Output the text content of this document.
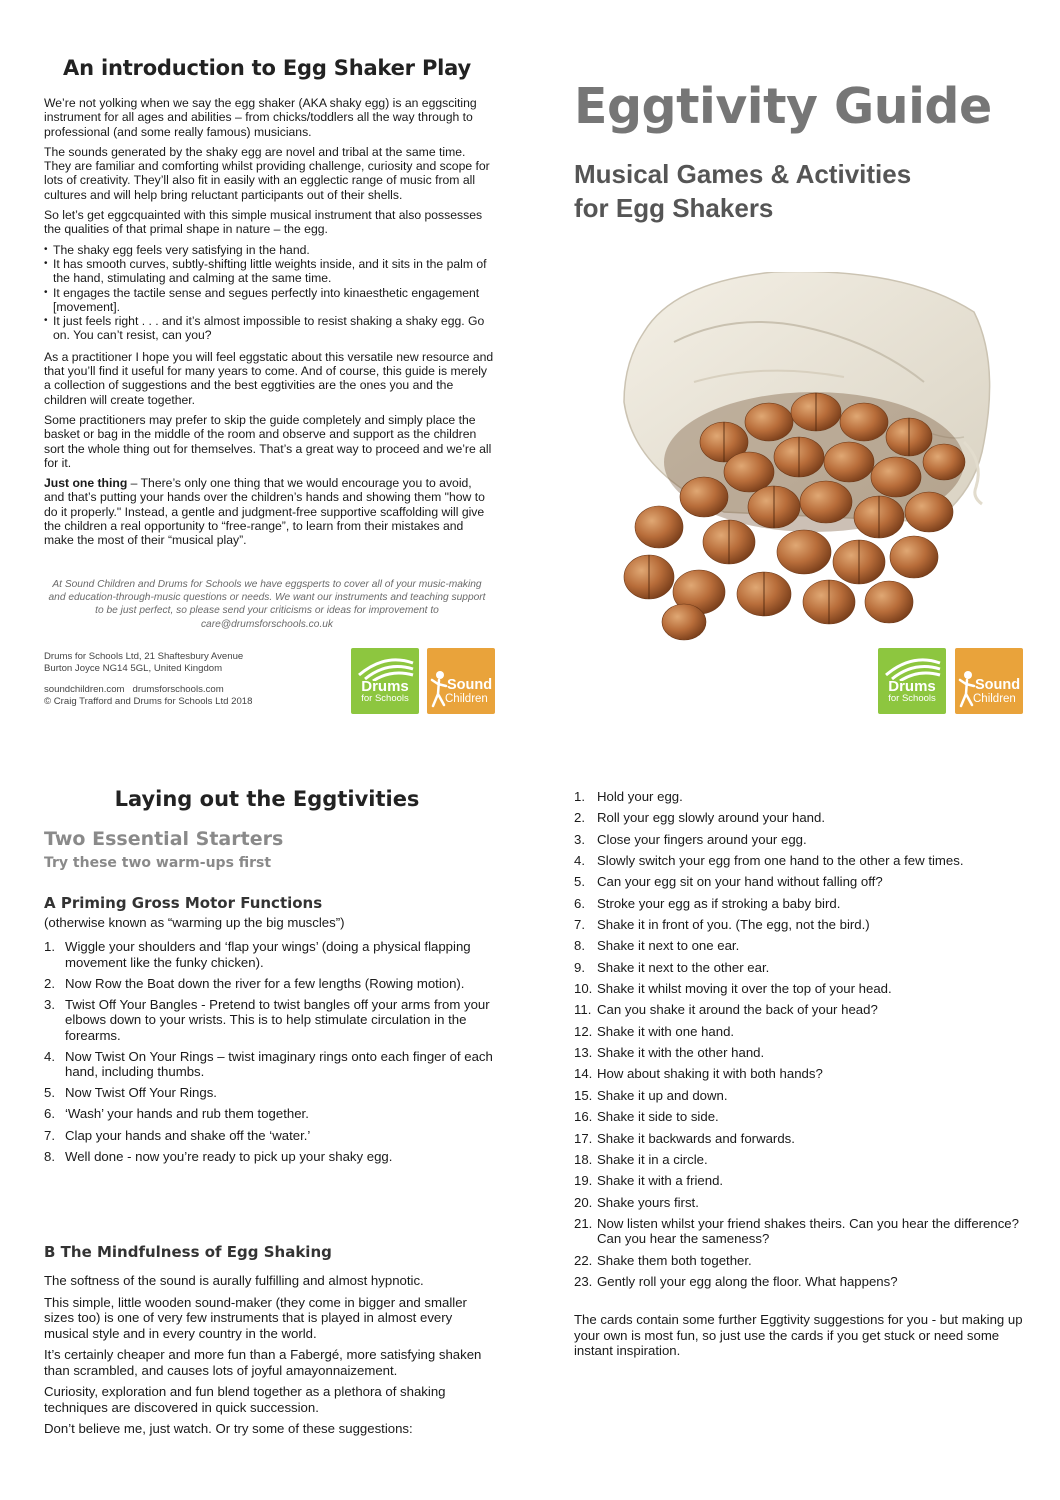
An introduction to Egg Shaker Play

We’re not yolking when we say the egg shaker (AKA shaky egg) is an eggsciting instrument for all ages and abilities – from chicks/toddlers all the way through to professional (and some really famous) musicians.

The sounds generated by the shaky egg are novel and tribal at the same time. They are familiar and comforting whilst providing challenge, curiosity and scope for lots of creativity. They’ll also fit in easily with an egglectic range of music from all cultures and will help bring reluctant participants out of their shells.

So let’s get eggcquainted with this simple musical instrument that also possesses the qualities of that primal shape in nature – the egg.

• The shaky egg feels very satisfying in the hand.
• It has smooth curves, subtly-shifting little weights inside, and it sits in the palm of the hand, stimulating and calming at the same time.
• It engages the tactile sense and segues perfectly into kinaesthetic engagement [movement].
• It just feels right . . . and it’s almost impossible to resist shaking a shaky egg. Go on. You can’t resist, can you?

As a practitioner I hope you will feel eggstatic about this versatile new resource and that you’ll find it useful for many years to come. And of course, this guide is merely a collection of suggestions and the best eggtivities are the ones you and the children will create together.

Some practitioners may prefer to skip the guide completely and simply place the basket or bag in the middle of the room and observe and support as the children sort the whole thing out for themselves. That’s a great way to proceed and we’re all for it.

Just one thing – There’s only one thing that we would encourage you to avoid, and that’s putting your hands over the children’s hands and showing them "how to do it properly." Instead, a gentle and judgment-free supportive scaffolding will give the children a real opportunity to “free-range”, to learn from their mistakes and make the most of their “musical play”.

At Sound Children and Drums for Schools we have eggsperts to cover all of your music-making and education-through-music questions or needs. We want our instruments and teaching support to be just perfect, so please send your criticisms or ideas for improvement to care@drumsforschools.co.uk

Drums for Schools Ltd, 21 Shaftesbury Avenue
Burton Joyce NG14 5GL, United Kingdom

soundchildren.com   drumsforschools.com
© Craig Trafford and Drums for Schools Ltd 2018

Drums
for Schools
Sound
Children
Eggtivity Guide
Musical Games & Activities
for Egg Shakers
Drums
for Schools
Sound
Children
Laying out the Eggtivities
Two Essential Starters
Try these two warm-ups first
A Priming Gross Motor Functions
(otherwise known as “warming up the big muscles”)
1. Wiggle your shoulders and ‘flap your wings’ (doing a physical flapping movement like the funky chicken).
2. Now Row the Boat down the river for a few lengths (Rowing motion).
3. Twist Off Your Bangles - Pretend to twist bangles off your arms from your elbows down to your wrists. This is to help stimulate circulation in the forearms.
4. Now Twist On Your Rings – twist imaginary rings onto each finger of each hand, including thumbs.
5. Now Twist Off Your Rings.
6. ‘Wash’ your hands and rub them together.
7. Clap your hands and shake off the ‘water.’
8. Well done - now you’re ready to pick up your shaky egg.
B The Mindfulness of Egg Shaking

The softness of the sound is aurally fulfilling and almost hypnotic.

This simple, little wooden sound-maker (they come in bigger and smaller sizes too) is one of very few instruments that is played in almost every musical style and in every country in the world.

It’s certainly cheaper and more fun than a Fabergé, more satisfying shaken than scrambled, and causes lots of joyful amayonnaizement.

Curiosity, exploration and fun blend together as a plethora of shaking techniques are discovered in quick succession.

Don’t believe me, just watch. Or try some of these suggestions:

1. Hold your egg.
2. Roll your egg slowly around your hand.
3. Close your fingers around your egg.
4. Slowly switch your egg from one hand to the other a few times.
5. Can your egg sit on your hand without falling off?
6. Stroke your egg as if stroking a baby bird.
7. Shake it in front of you. (The egg, not the bird.)
8. Shake it next to one ear.
9. Shake it next to the other ear.
10. Shake it whilst moving it over the top of your head.
11. Can you shake it around the back of your head?
12. Shake it with one hand.
13. Shake it with the other hand.
14. How about shaking it with both hands?
15. Shake it up and down.
16. Shake it side to side.
17. Shake it backwards and forwards.
18. Shake it in a circle.
19. Shake it with a friend.
20. Shake yours first.
21. Now listen whilst your friend shakes theirs. Can you hear the difference? Can you hear the sameness?
22. Shake them both together.
23. Gently roll your egg along the floor. What happens?
The cards contain some further Eggtivity suggestions for you - but making up your own is most fun, so just use the cards if you get stuck or need some instant inspiration.
